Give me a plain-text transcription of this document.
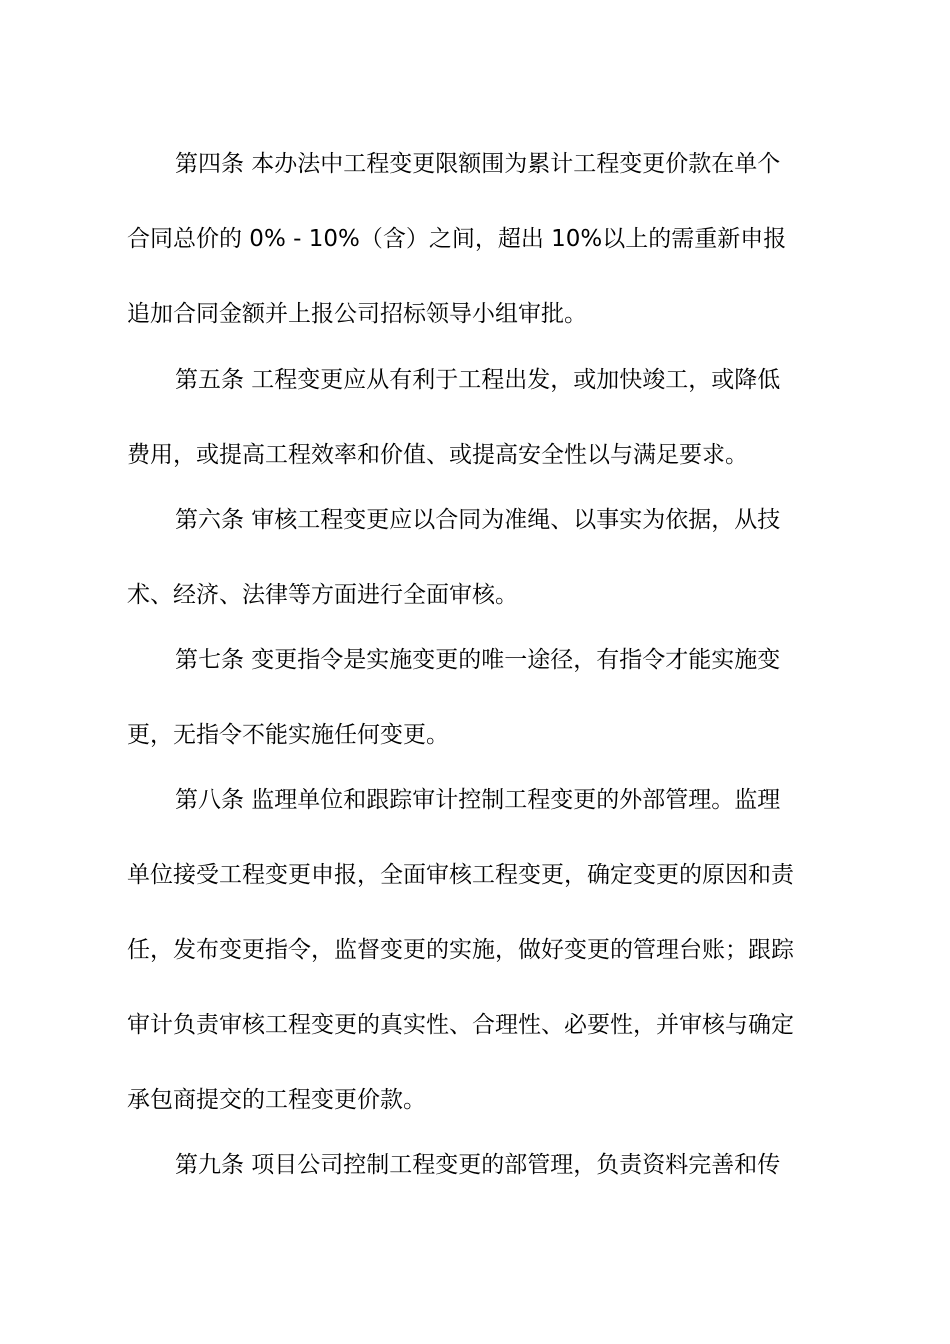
第四条 本办法中工程变更限额围为累计工程变更价款在单个
合同总价的 0% - 10%（含）之间，超出 10%以上的需重新申报
追加合同金额并上报公司招标领导小组审批。
第五条 工程变更应从有利于工程出发，或加快竣工，或降低
费用，或提高工程效率和价值、或提高安全性以与满足要求。
第六条 审核工程变更应以合同为准绳、以事实为依据，从技
术、经济、法律等方面进行全面审核。
第七条 变更指令是实施变更的唯一途径，有指令才能实施变
更，无指令不能实施任何变更。
第八条 监理单位和跟踪审计控制工程变更的外部管理。监理
单位接受工程变更申报，全面审核工程变更，确定变更的原因和责
任，发布变更指令，监督变更的实施，做好变更的管理台账；跟踪
审计负责审核工程变更的真实性、合理性、必要性，并审核与确定
承包商提交的工程变更价款。
第九条 项目公司控制工程变更的部管理，负责资料完善和传
